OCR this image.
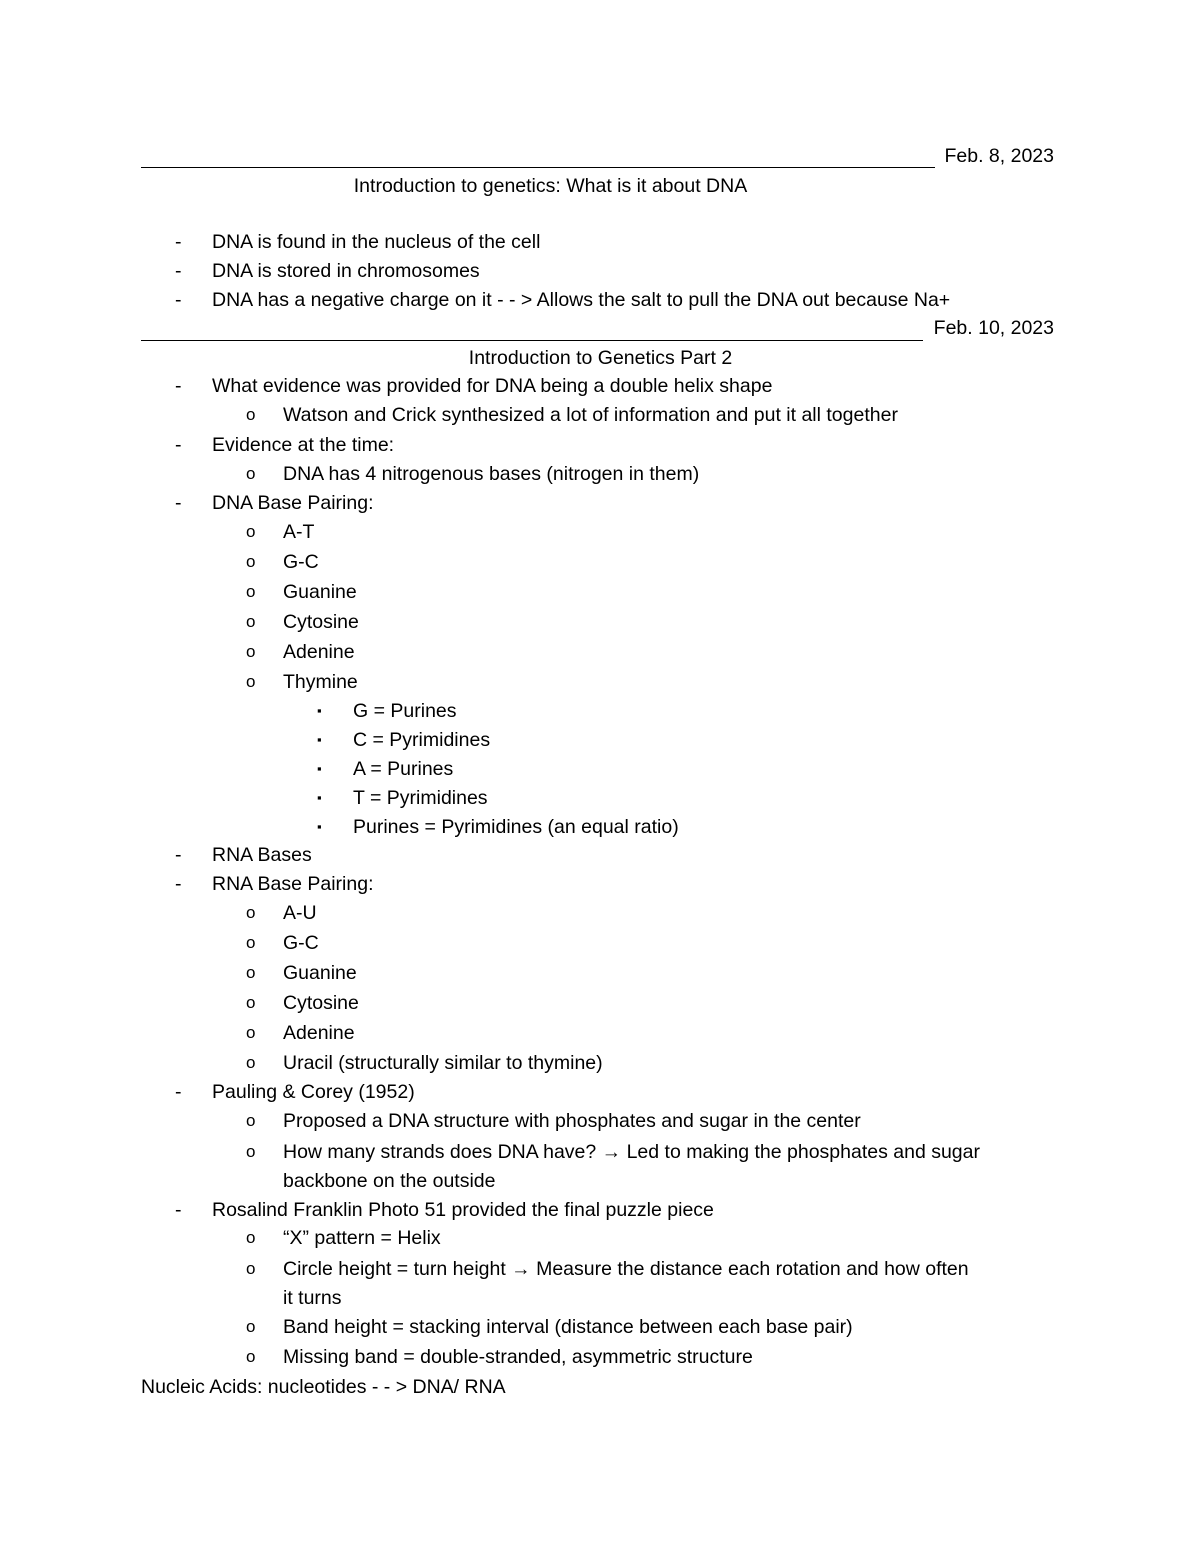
Feb. 8, 2023
Introduction to genetics: What is it about DNA
- DNA is found in the nucleus of the cell
- DNA is stored in chromosomes
- DNA has a negative charge on it - - > Allows the salt to pull the DNA out because Na+
Feb. 10, 2023
Introduction to Genetics Part 2
- What evidence was provided for DNA being a double helix shape
o Watson and Crick synthesized a lot of information and put it all together
- Evidence at the time:
o DNA has 4 nitrogenous bases (nitrogen in them)
- DNA Base Pairing:
o A-T
o G-C
o Guanine
o Cytosine
o Adenine
o Thymine
▪ G = Purines
▪ C = Pyrimidines
▪ A = Purines
▪ T = Pyrimidines
▪ Purines = Pyrimidines (an equal ratio)
- RNA Bases
- RNA Base Pairing:
o A-U
o G-C
o Guanine
o Cytosine
o Adenine
o Uracil (structurally similar to thymine)
- Pauling & Corey (1952)
o Proposed a DNA structure with phosphates and sugar in the center
o How many strands does DNA have? → Led to making the phosphates and sugar
backbone on the outside
- Rosalind Franklin Photo 51 provided the final puzzle piece
o “X” pattern = Helix
o Circle height = turn height → Measure the distance each rotation and how often
it turns
o Band height = stacking interval (distance between each base pair)
o Missing band = double-stranded, asymmetric structure
Nucleic Acids: nucleotides - - > DNA/ RNA
